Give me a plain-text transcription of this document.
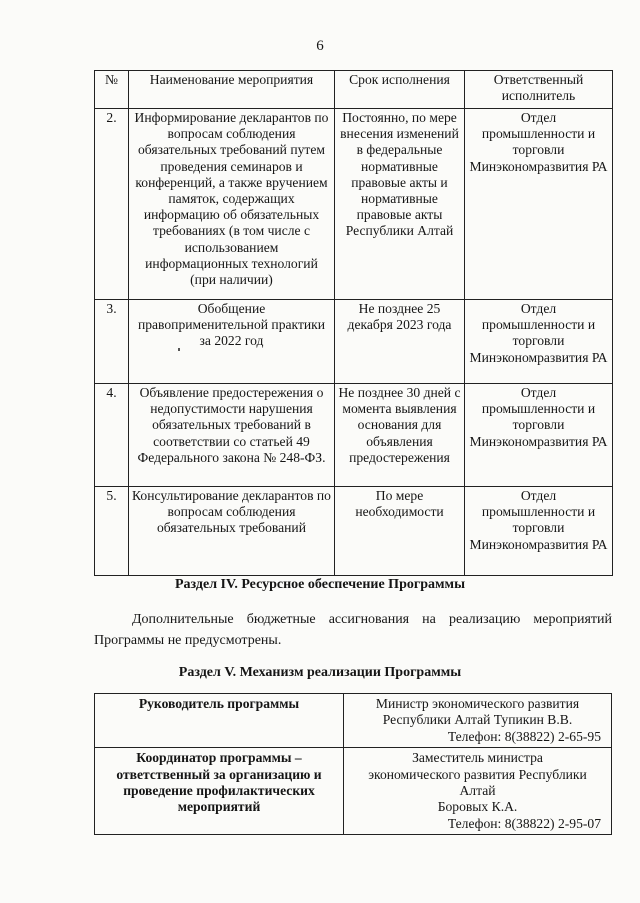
6
№	Наименование мероприятия	Срок исполнения	Ответственный исполнитель
2.	Информирование декларантов по вопросам соблюдения обязательных требований путем проведения семинаров и конференций, а также вручением памяток, содержащих информацию об обязательных требованиях (в том числе с использованием информационных технологий (при наличии)	Постоянно, по мере внесения изменений в федеральные нормативные правовые акты и нормативные правовые акты Республики Алтай	Отдел промышленности и торговли Минэкономразвития РА
3.	Обобщение правоприменительной практики за 2022 год	Не позднее 25 декабря 2023 года	Отдел промышленности и торговли Минэкономразвития РА
4.	Объявление предостережения о недопустимости нарушения обязательных требований в соответствии со статьей 49 Федерального закона № 248-ФЗ.	Не позднее 30 дней с момента выявления основания для объявления предостережения	Отдел промышленности и торговли Минэкономразвития РА
5.	Консультирование декларантов по вопросам соблюдения обязательных требований	По мере необходимости	Отдел промышленности и торговли Минэкономразвития РА
Раздел IV. Ресурсное обеспечение Программы
Дополнительные бюджетные ассигнования на реализацию мероприятий
Программы не предусмотрены.
Раздел V. Механизм реализации Программы
Руководитель программы	Министр экономического развития
Республики Алтай Тупикин В.В.
Телефон: 8(38822) 2-65-95

Координатор программы – ответственный за организацию и проведение профилактических мероприятий	Заместитель министра
экономического развития Республики
Алтай
Боровых К.А.
Телефон: 8(38822) 2-95-07
